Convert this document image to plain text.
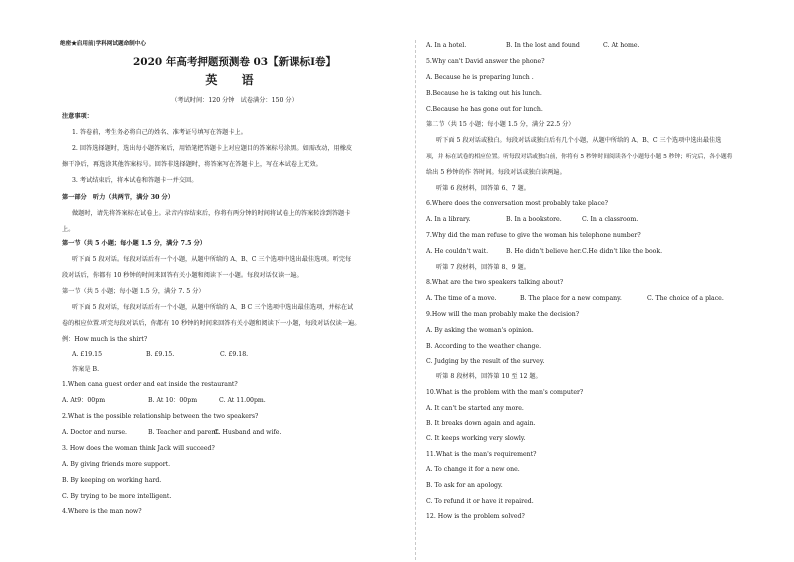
绝密★启用前|学科网试题命制中心
2020 年高考押题预测卷 03【新课标Ⅰ卷】
英 语
（考试时间：120 分钟　试卷满分：150 分）
注意事项：
1. 答卷前，考生务必将自己的姓名、准考证号填写在答题卡上。
2. 回答选择题时，选出每小题答案后，用铅笔把答题卡上对应题目的答案标号涂黑。如需改动，用橡皮
擦干净后，再选涂其他答案标号。回答非选择题时，将答案写在答题卡上，写在本试卷上无效。
3. 考试结束后，将本试卷和答题卡一并交回。
第一部分　听力（共两节，满分 30 分）
做题时，请先将答案标在试卷上。录音内容结束后，你将有两分钟的时间将试卷上的答案转涂到答题卡
上。
第一节（共 5 小题；每小题 1.5 分，满分 7.5 分）
听下面 5 段对话。每段对话后有一个小题，从题中所给的 A、B、C 三个选项中选出最佳选项。听完每
段对话后，你都有 10 秒钟的时间来回答有关小题和阅读下一小题。每段对话仅读一遍。
第一节（共 5 小题；每小题 1.5 分，满分 7. 5 分）
听下面 5 段对话，每段对话后有一个小题，从题中所给的 A、B C 三个选项中选出最佳选项，并标在试
卷的相应位置.听完每段对话后，你都有 10 秒钟的时间来回答有关小题和阅读下一小题，每段对话仅读一遍。
例：How much is the shirt?
A. £19.15	B. £9.15.	C. £9.18.
答案是 B.
1.When cana guest order and eat inside the restaurant?
A. At9：00pm	B. At 10：00pm	C. At 11.00pm.
2.What is the possible relationship between the two speakers?
A. Doctor and nurse.	B. Teacher and parent.C. Husband and wife.
3. How does the woman think Jack will succeed?
A. By giving friends more support.
B. By keeping on working hard.
C. By trying to be more intelligent.
4.Where is the man now?
A. In a hotel.	B. In the lost and found	C. At home.
5.Why can't David answer the phone?
A. Because he is preparing lunch .
B.Because he is taking out his lunch.
C.Because he has gone out for lunch.
第二节（共 15 小题；每小题 1.5 分，满分 22.5 分）
听下面 5 段对话或独白。每段对话或独白后有几个小题，从题中所给的 A、B、C 三个选项中选出最佳选
项，并 标在试卷的相应位置。听每段对话或独白前，你将有 5 秒钟时间阅读各个小题每小题 5 秒钟；听完后，各小题将
给出 5 秒钟的作 答时间。每段对话或独白读两遍。
听第 6 段材料，回答第 6、7 题。
6.Where does the conversation most probably take place?
A. In a library.	B. In a bookstore.	C. In a classroom.
7.Why did the man refuse to give the woman his telephone number?
A. He couldn't wait.	B. He didn't believe her.C.He didn't like the book.
听第 7 段材料，回答第 8、9 题。
8.What are the two speakers talking about?
A. The time of a move.	B. The place for a new company.	C. The choice of a place.
9.How will the man probably make the decision?
A. By asking the woman's opinion.
B. According to the weather change.
C. Judging by the result of the survey.
听第 8 段材料，回答第 10 至 12 题。
10.What is the problem with the man's computer?
A. It can't be started any more.
B. It breaks down again and again.
C. It keeps working very slowly.
11.What is the man's requirement?
A. To change it for a new one.
B. To ask for an apology.
C. To refund it or have it repaired.
12. How is the problem solved?
